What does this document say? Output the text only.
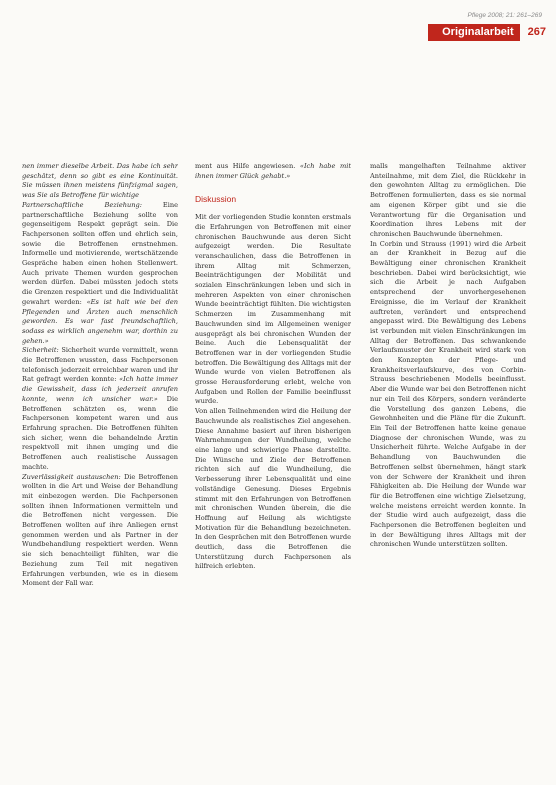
Pflege 2008; 21: 261–269
Originalarbeit	267

nen immer dieselbe Arbeit. Das habe ich sehr geschätzt, denn so gibt es eine Kontinuität. Sie müssen ihnen meistens fünfzigmal sagen, was Sie als Betroffene für wichtige

Partnerschaftliche Beziehung:	Eine partnerschaftliche Beziehung sollte von gegenseitigem Respekt geprägt sein. Die Fachpersonen sollten offen und ehrlich sein, sowie die Betroffenen ernstnehmen. Informelle und motivierende, wertschätzende Gespräche haben einen hohen Stellenwert. Auch private Themen wurden gesprochen werden dürfen. Dabei müssten jedoch stets die Grenzen respektiert und die Individualität gewahrt werden: «Es ist halt wie bei den Pflegenden und Ärzten auch menschlich geworden. Es war fast freundschaftlich, sodass es wirklich angenehm war, dorthin zu gehen.»

Sicherheit: Sicherheit wurde vermittelt, wenn die Betroffenen wussten, dass Fachpersonen telefonisch jederzeit erreichbar waren und ihr Rat gefragt werden konnte: «Ich hatte immer die Gewissheit, dass ich jederzeit anrufen konnte, wenn ich unsicher war.» Die Betroffenen schätzten es, wenn die Fachpersonen kompetent waren und aus Erfahrung sprachen. Die Betroffenen fühlten sich sicher, wenn die behandelnde Ärztin respektvoll mit ihnen umging und die Betroffenen auch realistische Aussagen machte.

Zuverlässigkeit austauschen: Die Betroffenen wollten in die Art und Weise der Behandlung mit einbezogen werden. Die Fachpersonen sollten ihnen Informationen vermitteln und die Betroffenen nicht vergessen. Die Betroffenen wollten auf ihre Anliegen ernst genommen werden und als Partner in der Wundbehandlung respektiert werden. Wenn sie sich benachteiligt fühlten, war die Beziehung zum Teil mit negativen Erfahrungen verbunden, wie es in diesem Moment der Fall war.

ment aus Hilfe angewiesen. «Ich habe mit ihnen immer Glück gehabt.»

Diskussion

Mit der vorliegenden Studie konnten erstmals die Erfahrungen von Betroffenen mit einer chronischen Bauchwunde aus deren Sicht aufgezeigt werden. Die Resultate veranschaulichen, dass die Betroffenen in ihrem Alltag mit Schmerzen, Beeinträchtigungen der Mobilität und sozialen Einschränkungen leben und sich in mehreren Aspekten von einer chronischen Wunde beeinträchtigt fühlten. Die wichtigsten Schmerzen im Zusammenhang mit Bauchwunden sind im Allgemeinen weniger ausgeprägt als bei chronischen Wunden der Beine. Auch die Lebensqualität der Betroffenen war in der vorliegenden Studie betroffen. Die Bewältigung des Alltags mit der Wunde wurde von vielen Betroffenen als grosse Herausforderung erlebt, welche von Aufgaben und Rollen der Familie beeinflusst wurde.

Von allen Teilnehmenden wird die Heilung der Bauchwunde als realistisches Ziel angesehen. Diese Annahme basiert auf ihren bisherigen Wahrnehmungen der Wundheilung, welche eine lange und schwierige Phase darstellte. Die Wünsche und Ziele der Betroffenen richten sich auf die Wundheilung, die Verbesserung ihrer Lebensqualität und eine vollständige Genesung. Dieses Ergebnis stimmt mit den Erfahrungen von Betroffenen mit chronischen Wunden überein, die die Hoffnung auf Heilung als wichtigste Motivation für die Behandlung bezeichneten. In den Gesprächen mit den Betroffenen wurde deutlich, dass die Betroffenen die Unterstützung durch Fachpersonen als hilfreich erlebten.

malls mangelhaften Teilnahme aktiver Anteilnahme, mit dem Ziel, die Rückkehr in den gewohnten Alltag zu ermöglichen. Die Betroffenen formulierten, dass es sie normal am eigenen Körper gibt und sie die Verantwortung für die Organisation und Koordination ihres Lebens mit der chronischen Bauchwunde übernehmen.

In Corbin und Strauss (1991) wird die Arbeit an der Krankheit in Bezug auf die Bewältigung einer chronischen Krankheit beschrieben. Dabei wird berücksichtigt, wie sich die Arbeit je nach Aufgaben entsprechend der unvorhergesehenen Ereignisse, die im Verlauf der Krankheit auftreten, verändert und entsprechend angepasst wird. Die Bewältigung des Lebens ist verbunden mit vielen Einschränkungen im Alltag der Betroffenen. Das schwankende Verlaufsmuster der Krankheit wird stark von den Konzepten der Pflege- und Krankheitsverlaufskurve, des von Corbin-Strauss beschriebenen Modells beeinflusst. Aber die Wunde war bei den Betroffenen nicht nur ein Teil des Körpers, sondern veränderte die Vorstellung des ganzen Lebens, die Gewohnheiten und die Pläne für die Zukunft. Ein Teil der Betroffenen hatte keine genaue Diagnose der chronischen Wunde, was zu Unsicherheit führte. Welche Aufgabe in der Behandlung von Bauchwunden die Betroffenen selbst übernehmen, hängt stark von der Schwere der Krankheit und ihren Fähigkeiten ab. Die Heilung der Wunde war für die Betroffenen eine wichtige Zielsetzung, welche meistens erreicht werden konnte. In der Studie wird auch aufgezeigt, dass die Fachpersonen die Betroffenen begleiten und in der Bewältigung ihres Alltags mit der chronischen Wunde unterstützen sollten.
